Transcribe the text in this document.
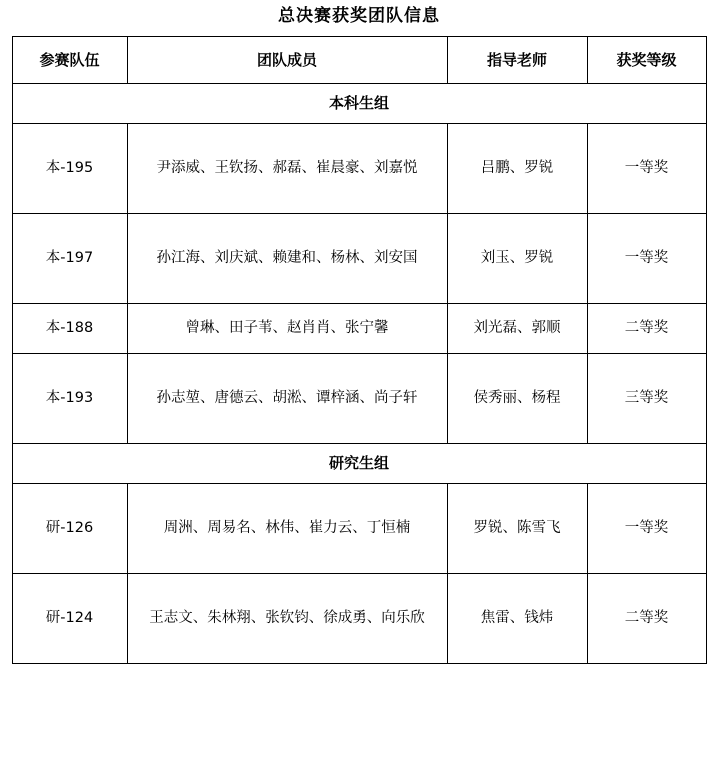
总决赛获奖团队信息
参赛队伍	团队成员	指导老师	获奖等级
本科生组			
本-195	尹添威、王钦扬、郝磊、崔晨豪、刘嘉悦	吕鹏、罗锐	一等奖
本-197	孙江海、刘庆斌、赖建和、杨林、刘安国	刘玉、罗锐	一等奖
本-188	曾琳、田子苇、赵肖肖、张宁馨	刘光磊、郭顺	二等奖
本-193	孙志堃、唐德云、胡淞、谭梓涵、尚子轩	侯秀丽、杨程	三等奖
研究生组			
研-126	周洲、周易名、林伟、崔力云、丁恒楠	罗锐、陈雪飞	一等奖
研-124	王志文、朱林翔、张钦钧、徐成勇、向乐欣	焦雷、钱炜	二等奖
